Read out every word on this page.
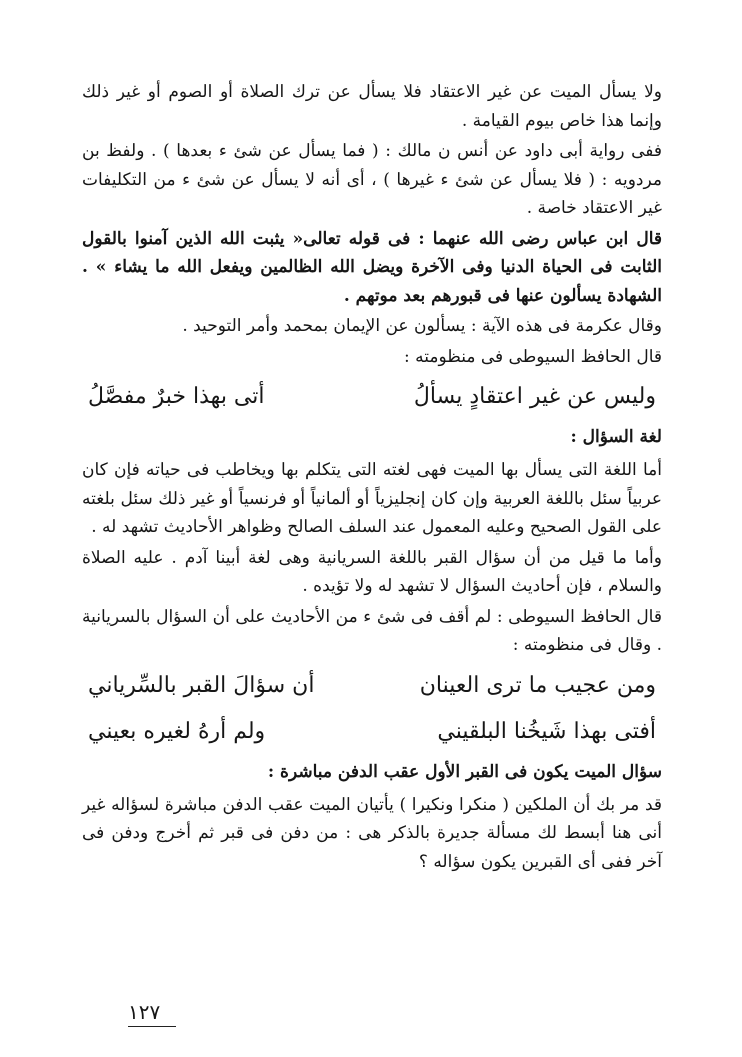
ولا يسأل الميت عن غير الاعتقاد فلا يسأل عن ترك الصلاة أو الصوم أو غير ذلك وإنما هذا خاص بيوم القيامة .

ففى رواية أبى داود عن أنس ن مالك : ( فما يسأل عن شئ ء بعدها ) . ولفظ بن مردويه : ( فلا يسأل عن شئ ء غيرها ) ، أى أنه لا يسأل عن شئ ء من التكليفات غير الاعتقاد خاصة .

قال ابن عباس رضى الله عنهما : فى قوله تعالى« يثبت الله الذين آمنوا بالقول الثابت فى الحياة الدنيا وفى الآخرة ويضل الله الظالمين ويفعل الله ما يشاء » . الشهادة يسألون عنها فى قبورهم بعد موتهم .

وقال عكرمة فى هذه الآية : يسألون عن الإيمان بمحمد وأمر التوحيد .

قال الحافظ السيوطى فى منظومته :

وليس عن غير اعتقادٍ يسألُ
أتى بهذا خبرٌ مفصَّلُ
لغة السؤال :

أما اللغة التى يسأل بها الميت فهى لغته التى يتكلم بها ويخاطب فى حياته فإن كان عربياً سئل باللغة العربية وإن كان إنجليزياً أو ألمانياً أو فرنسياً أو غير ذلك سئل بلغته على القول الصحيح وعليه المعمول عند السلف الصالح وظواهر الأحاديث تشهد له .

وأما ما قيل من أن سؤال القبر باللغة السريانية وهى لغة أبينا آدم . عليه الصلاة والسلام ، فإن أحاديث السؤال لا تشهد له ولا تؤيده .

قال الحافظ السيوطى : لم أقف فى شئ ء من الأحاديث على أن السؤال بالسريانية . وقال فى منظومته :

ومن عجيب ما ترى العينان
أن سؤالَ القبر بالسِّرياني
أفتى بهذا شَيخُنا البلقيني
ولم أرهُ لغيره بعيني
سؤال الميت يكون فى القبر الأول عقب الدفن مباشرة :

قد مر بك أن الملكين ( منكرا ونكيرا ) يأتيان الميت عقب الدفن مباشرة لسؤاله غير أنى هنا أبسط لك مسألة جديرة بالذكر هى : من دفن فى قبر ثم أخرج ودفن فى آخر ففى أى القبرين يكون سؤاله ؟

١٢٧
